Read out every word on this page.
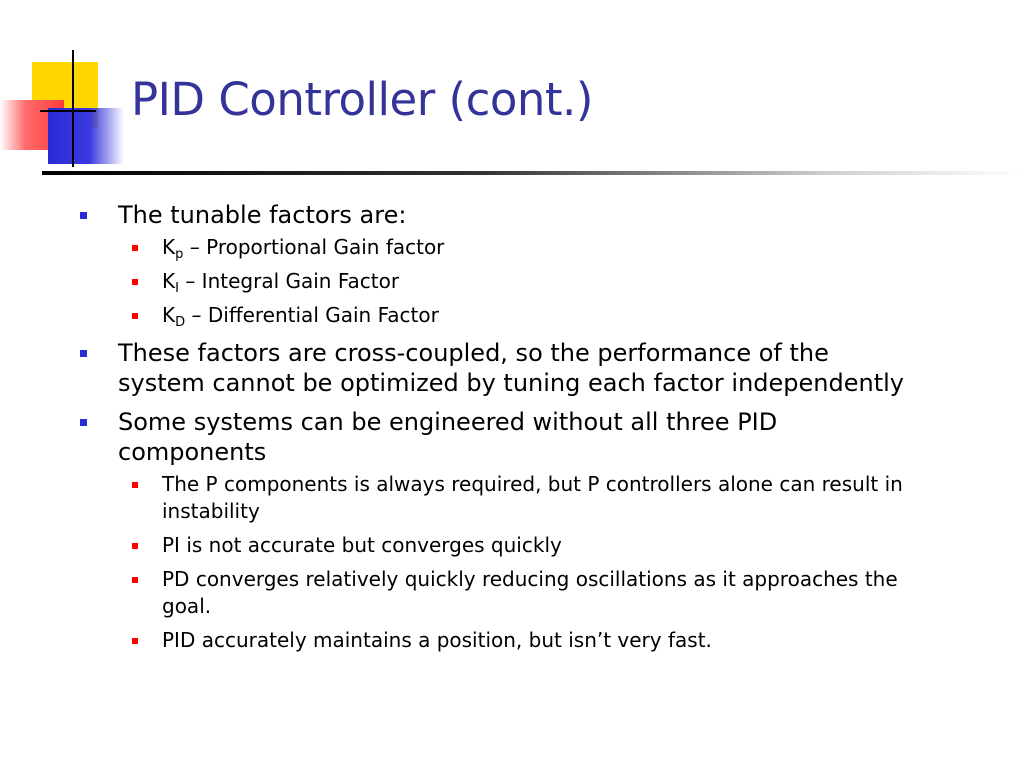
PID Controller (cont.)
The tunable factors are:
$K_p$ – Proportional Gain factor
$K_I$ – Integral Gain Factor
$K_D$ – Differential Gain Factor
These factors are cross-coupled, so the performance of the system cannot be optimized by tuning each factor independently
Some systems can be engineered without all three PID components
The P components is always required, but P controllers alone can result in instability
PI is not accurate but converges quickly
PD converges relatively quickly reducing oscillations as it approaches the goal.
PID accurately maintains a position, but isn’t very fast.
